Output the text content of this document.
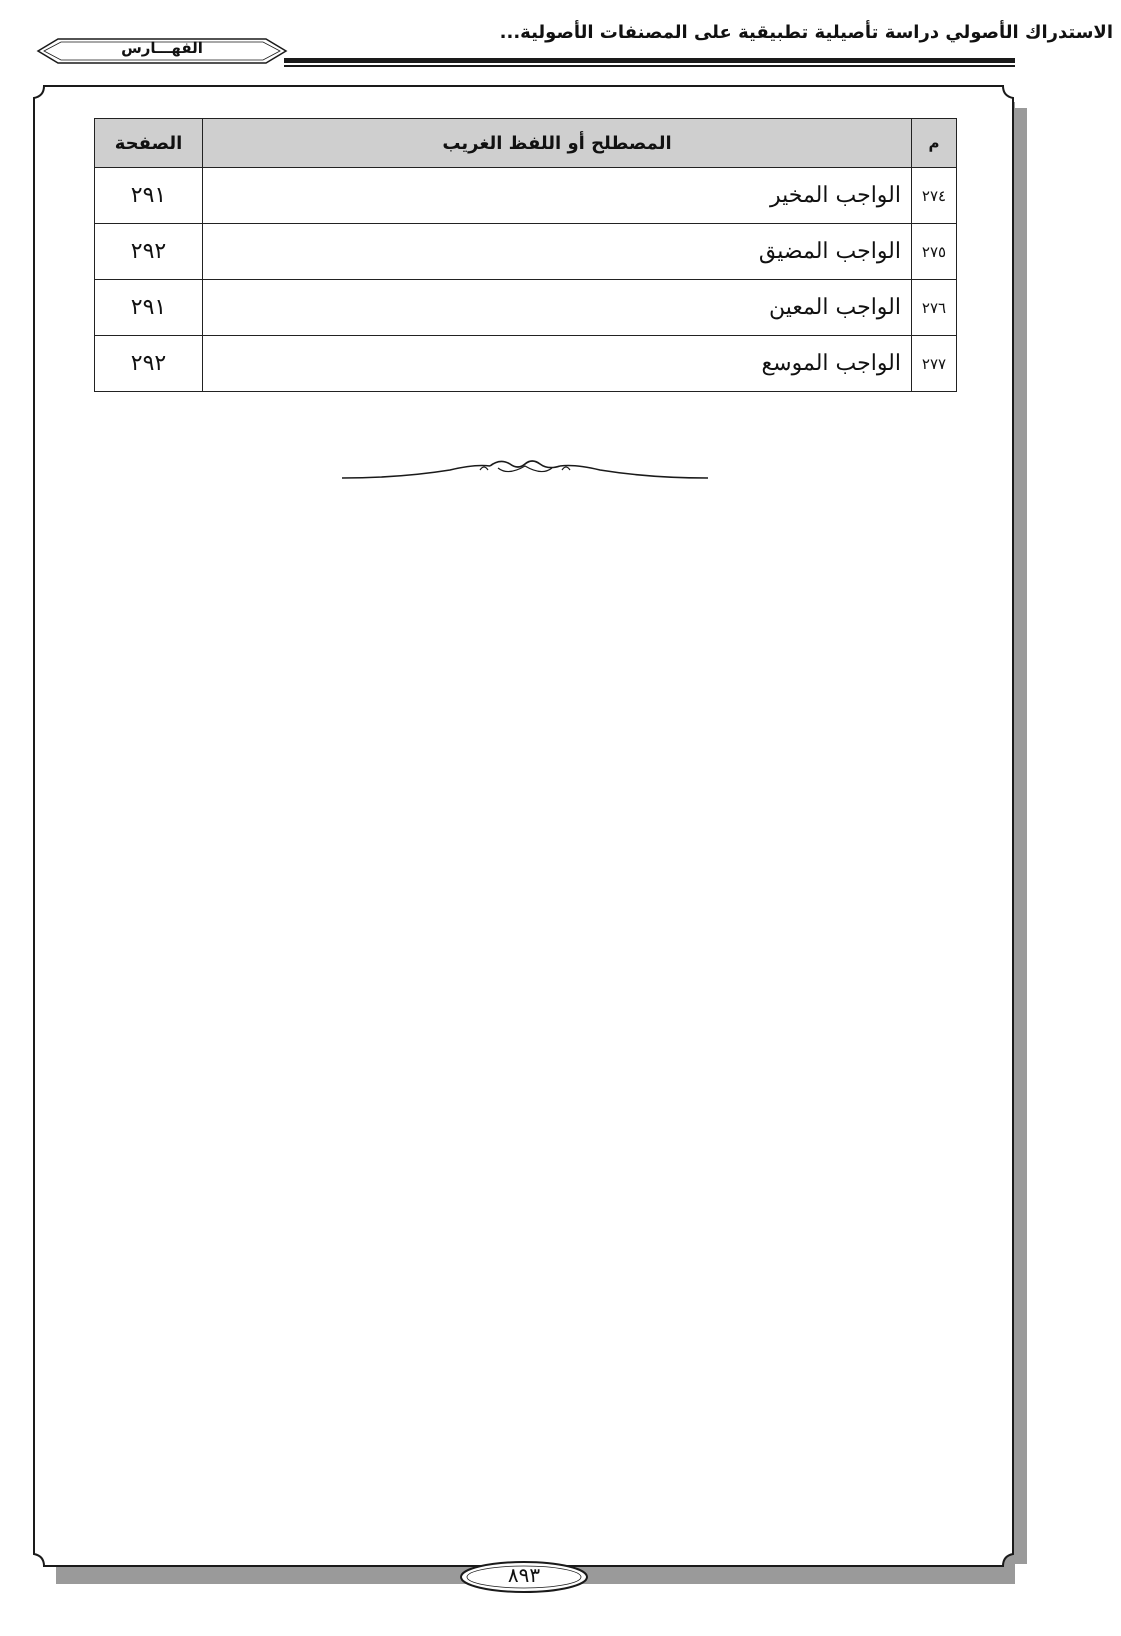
الاستدراك الأصولي دراسة تأصيلية تطبيقية على المصنفات الأصولية...
الفهـــارس
م	المصطلح أو اللفظ الغريب	الصفحة
٢٧٤	الواجب المخير	٢٩١
٢٧٥	الواجب المضيق	٢٩٢
٢٧٦	الواجب المعين	٢٩١
٢٧٧	الواجب الموسع	٢٩٢
٨٩٣
